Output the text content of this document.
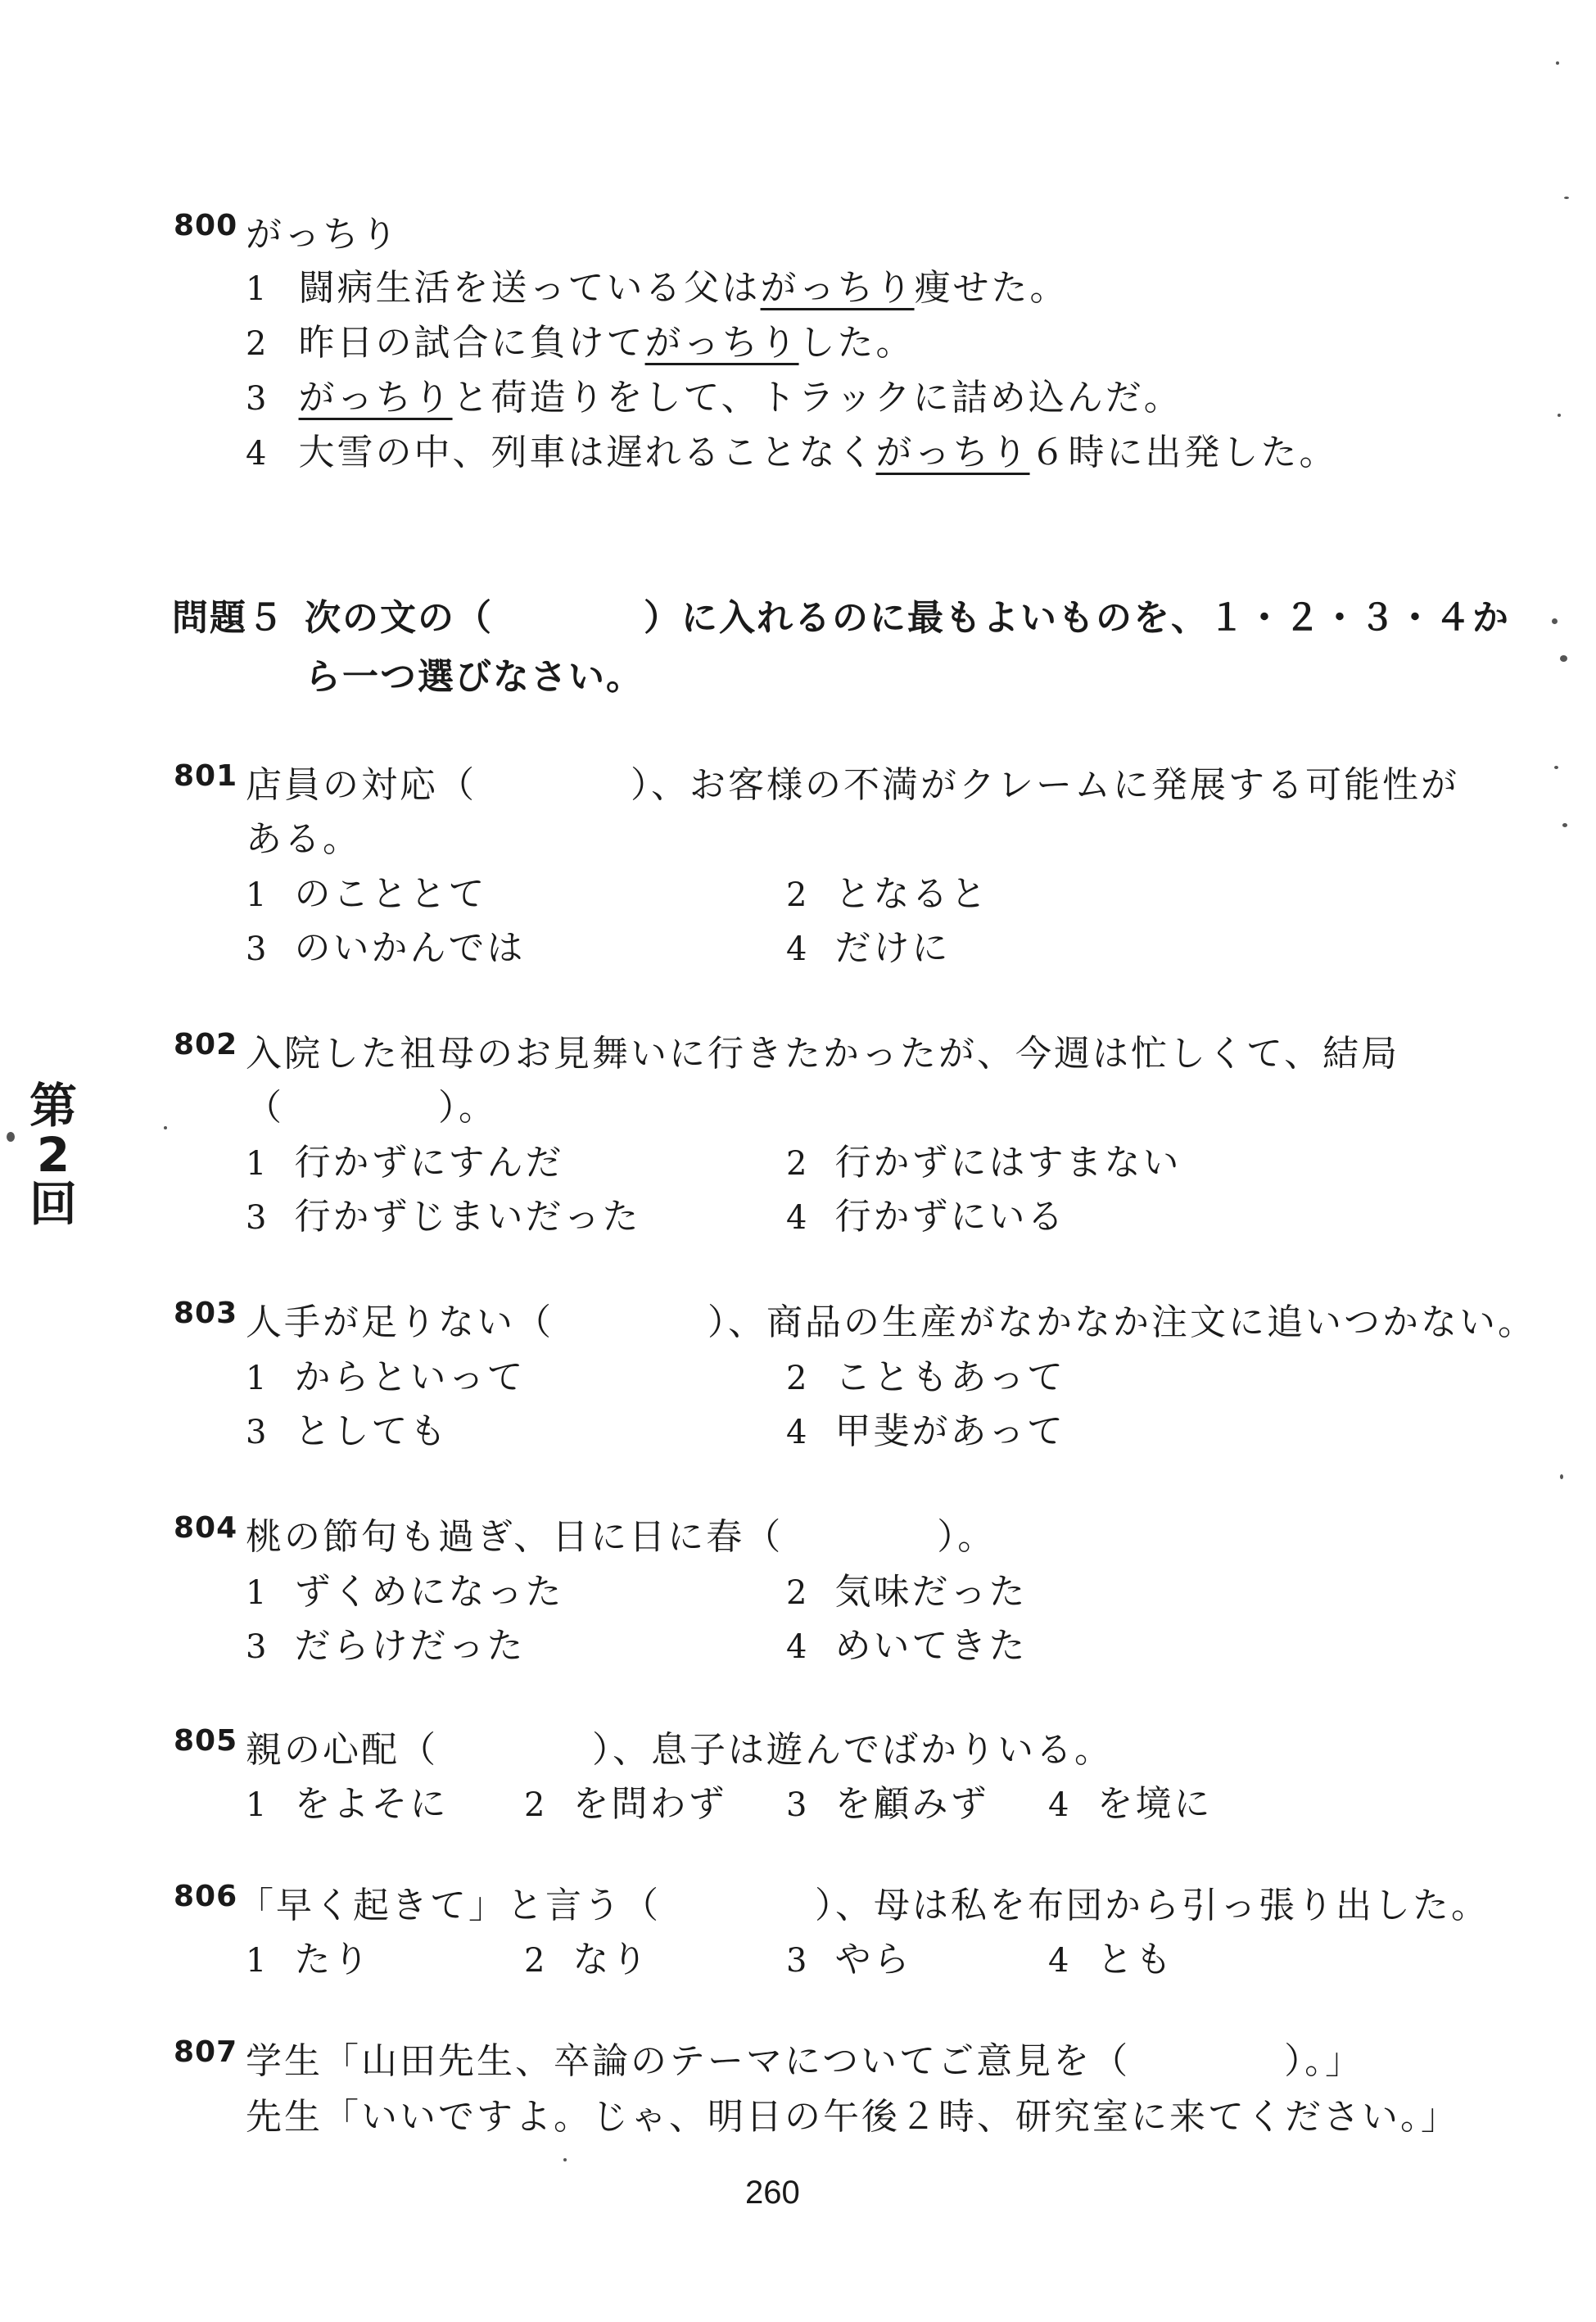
800 がっちり
1 闘病生活を送っている父はがっちり痩せた。
2 昨日の試合に負けてがっちりした。
3 がっちりと荷造りをして、トラックに詰め込んだ。
4 大雪の中、列車は遅れることなくがっちり６時に出発した。
問題５ 次の文の（　　　　）に入れるのに最もよいものを、１・２・３・４か
ら一つ選びなさい。
801 店員の対応（　　　　）、お客様の不満がクレームに発展する可能性が
ある。
1 のこととて	2 となると
3 のいかんでは	4 だけに
802 入院した祖母のお見舞いに行きたかったが、今週は忙しくて、結局
（　　　　）。
1 行かずにすんだ	2 行かずにはすまない
3 行かずじまいだった	4 行かずにいる
803 人手が足りない（　　　　）、商品の生産がなかなか注文に追いつかない。
1 からといって	2 こともあって
3 としても	4 甲斐があって
804 桃の節句も過ぎ、日に日に春（　　　　）。
1 ずくめになった	2 気味だった
3 だらけだった	4 めいてきた
805 親の心配（　　　　）、息子は遊んでばかりいる。
1 をよそに 2 を問わず 3 を顧みず 4 を境に
806 「早く起きて」と言う（　　　　）、母は私を布団から引っ張り出した。
1 たり	2 なり	3 やら	4 とも
807 学生「山田先生、卒論のテーマについてご意見を（　　　　）。」
先生「いいですよ。じゃ、明日の午後２時、研究室に来てください。」
第
2
回
260
